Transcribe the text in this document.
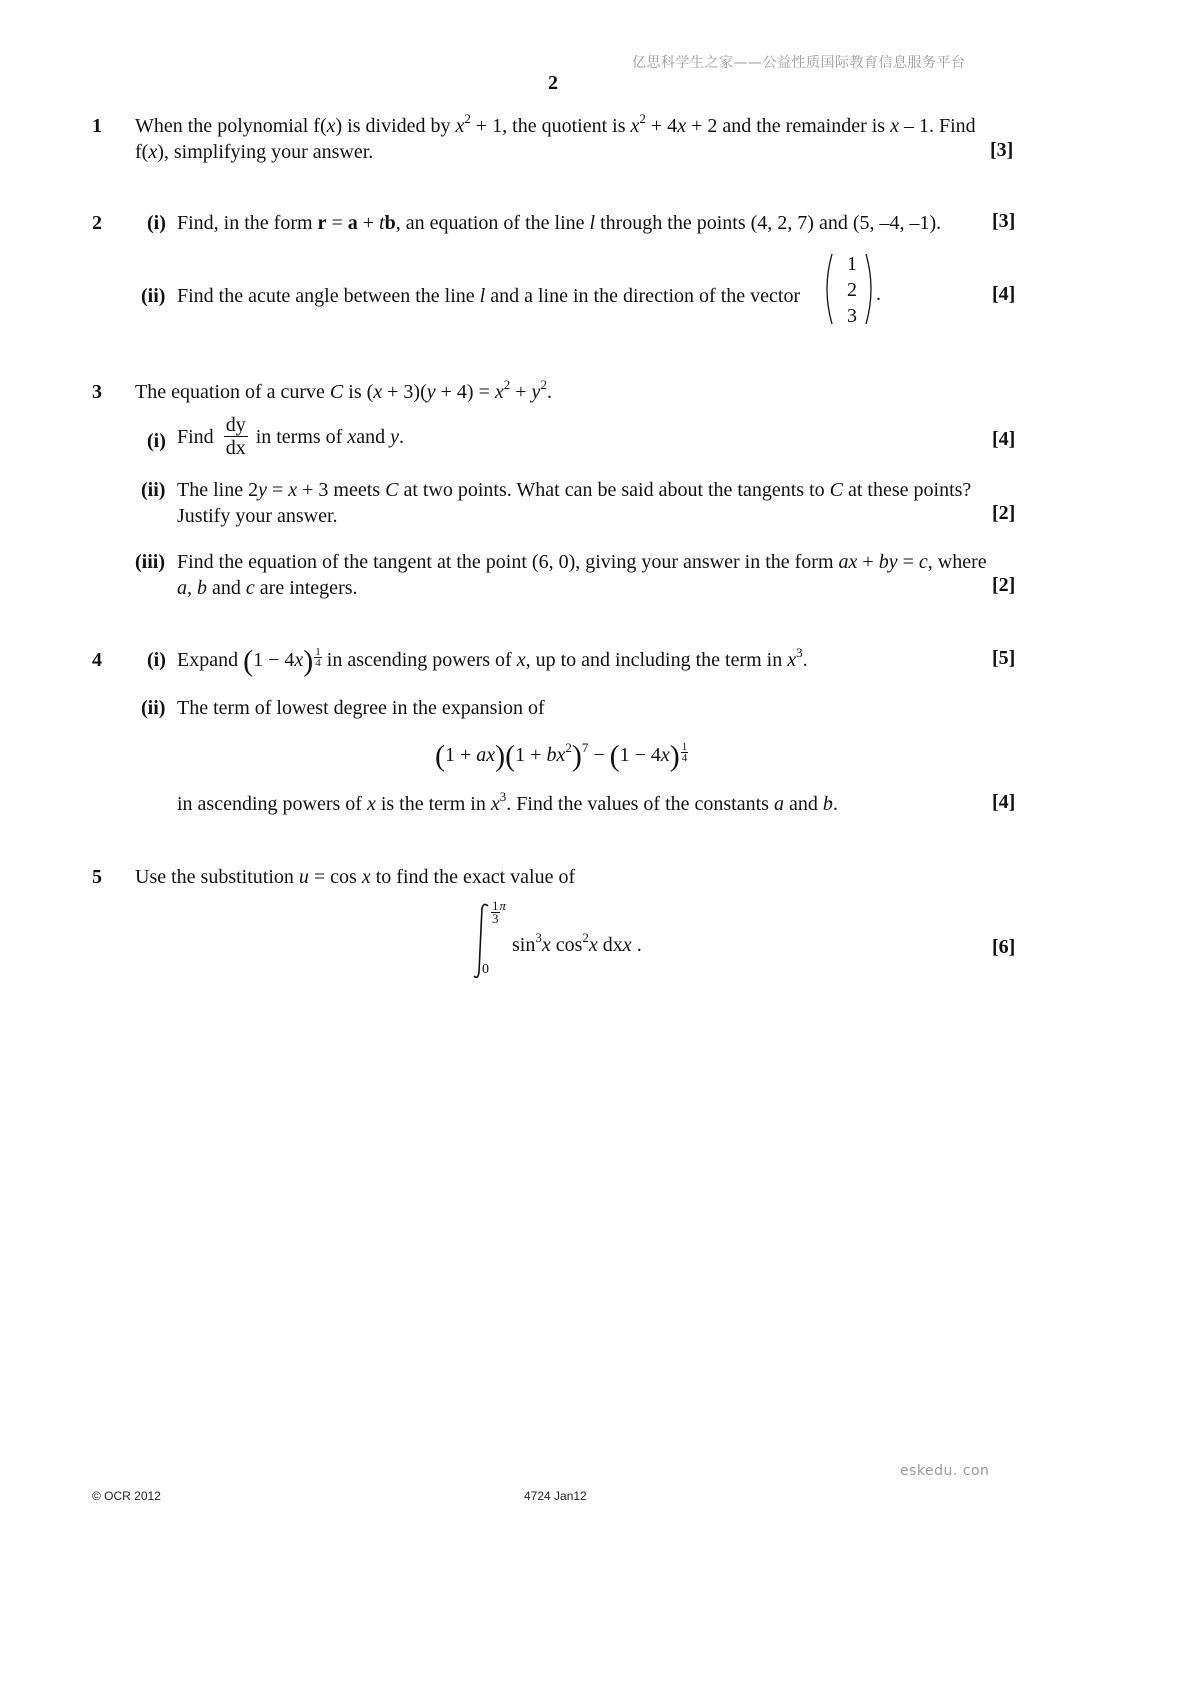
亿思科学生之家——公益性质国际教育信息服务平台
2
1 When the polynomial f(x) is divided by $x^2 + 1$, the quotient is $x^2 + 4x + 2$ and the remainder is x – 1. Find
f(x), simplifying your answer.	[3]
2 (i) Find, in the form r = a + tb, an equation of the line l through the points (4, 2, 7) and (5, –4, –1).	[3]
(ii) Find the acute angle between the line l and a line in the direction of the vector
1
2
3
.	[4]
3 The equation of a curve C is $(x + 3)(y + 4) = x^2 + y^2$.
(i) Find $\frac{dy}{dx}$ in terms of
x and
y .	[4]
(ii) The line 2y = x + 3 meets C at two points. What can be said about the tangents to C at these points?
Justify your answer.	[2]
(iii) Find the equation of the tangent at the point (6, 0), giving your answer in the form ax + by = c, where
a, b and c are integers.	[2]
4 (i) Expand $(1 - 4x) \frac{1}{4}$ in ascending powers of x, up to and including the term in $x^3$.	[5]
(ii) The term of lowest degree in the expansion of
$(1 + ax)(1 + bx^2)^7 - (1 - 4x) \frac{1}{4}$
in ascending powers of x is the term in $x^3$. Find the values of the constants a and b.	[4]
5 Use the substitution u = cos x to find the exact value of
$\frac{1}{3}$ π
0
$\sin^3x$ $\cos^2x$ dxx .	[6]
eskedu. con
© OCR 2012	4724 Jan12
